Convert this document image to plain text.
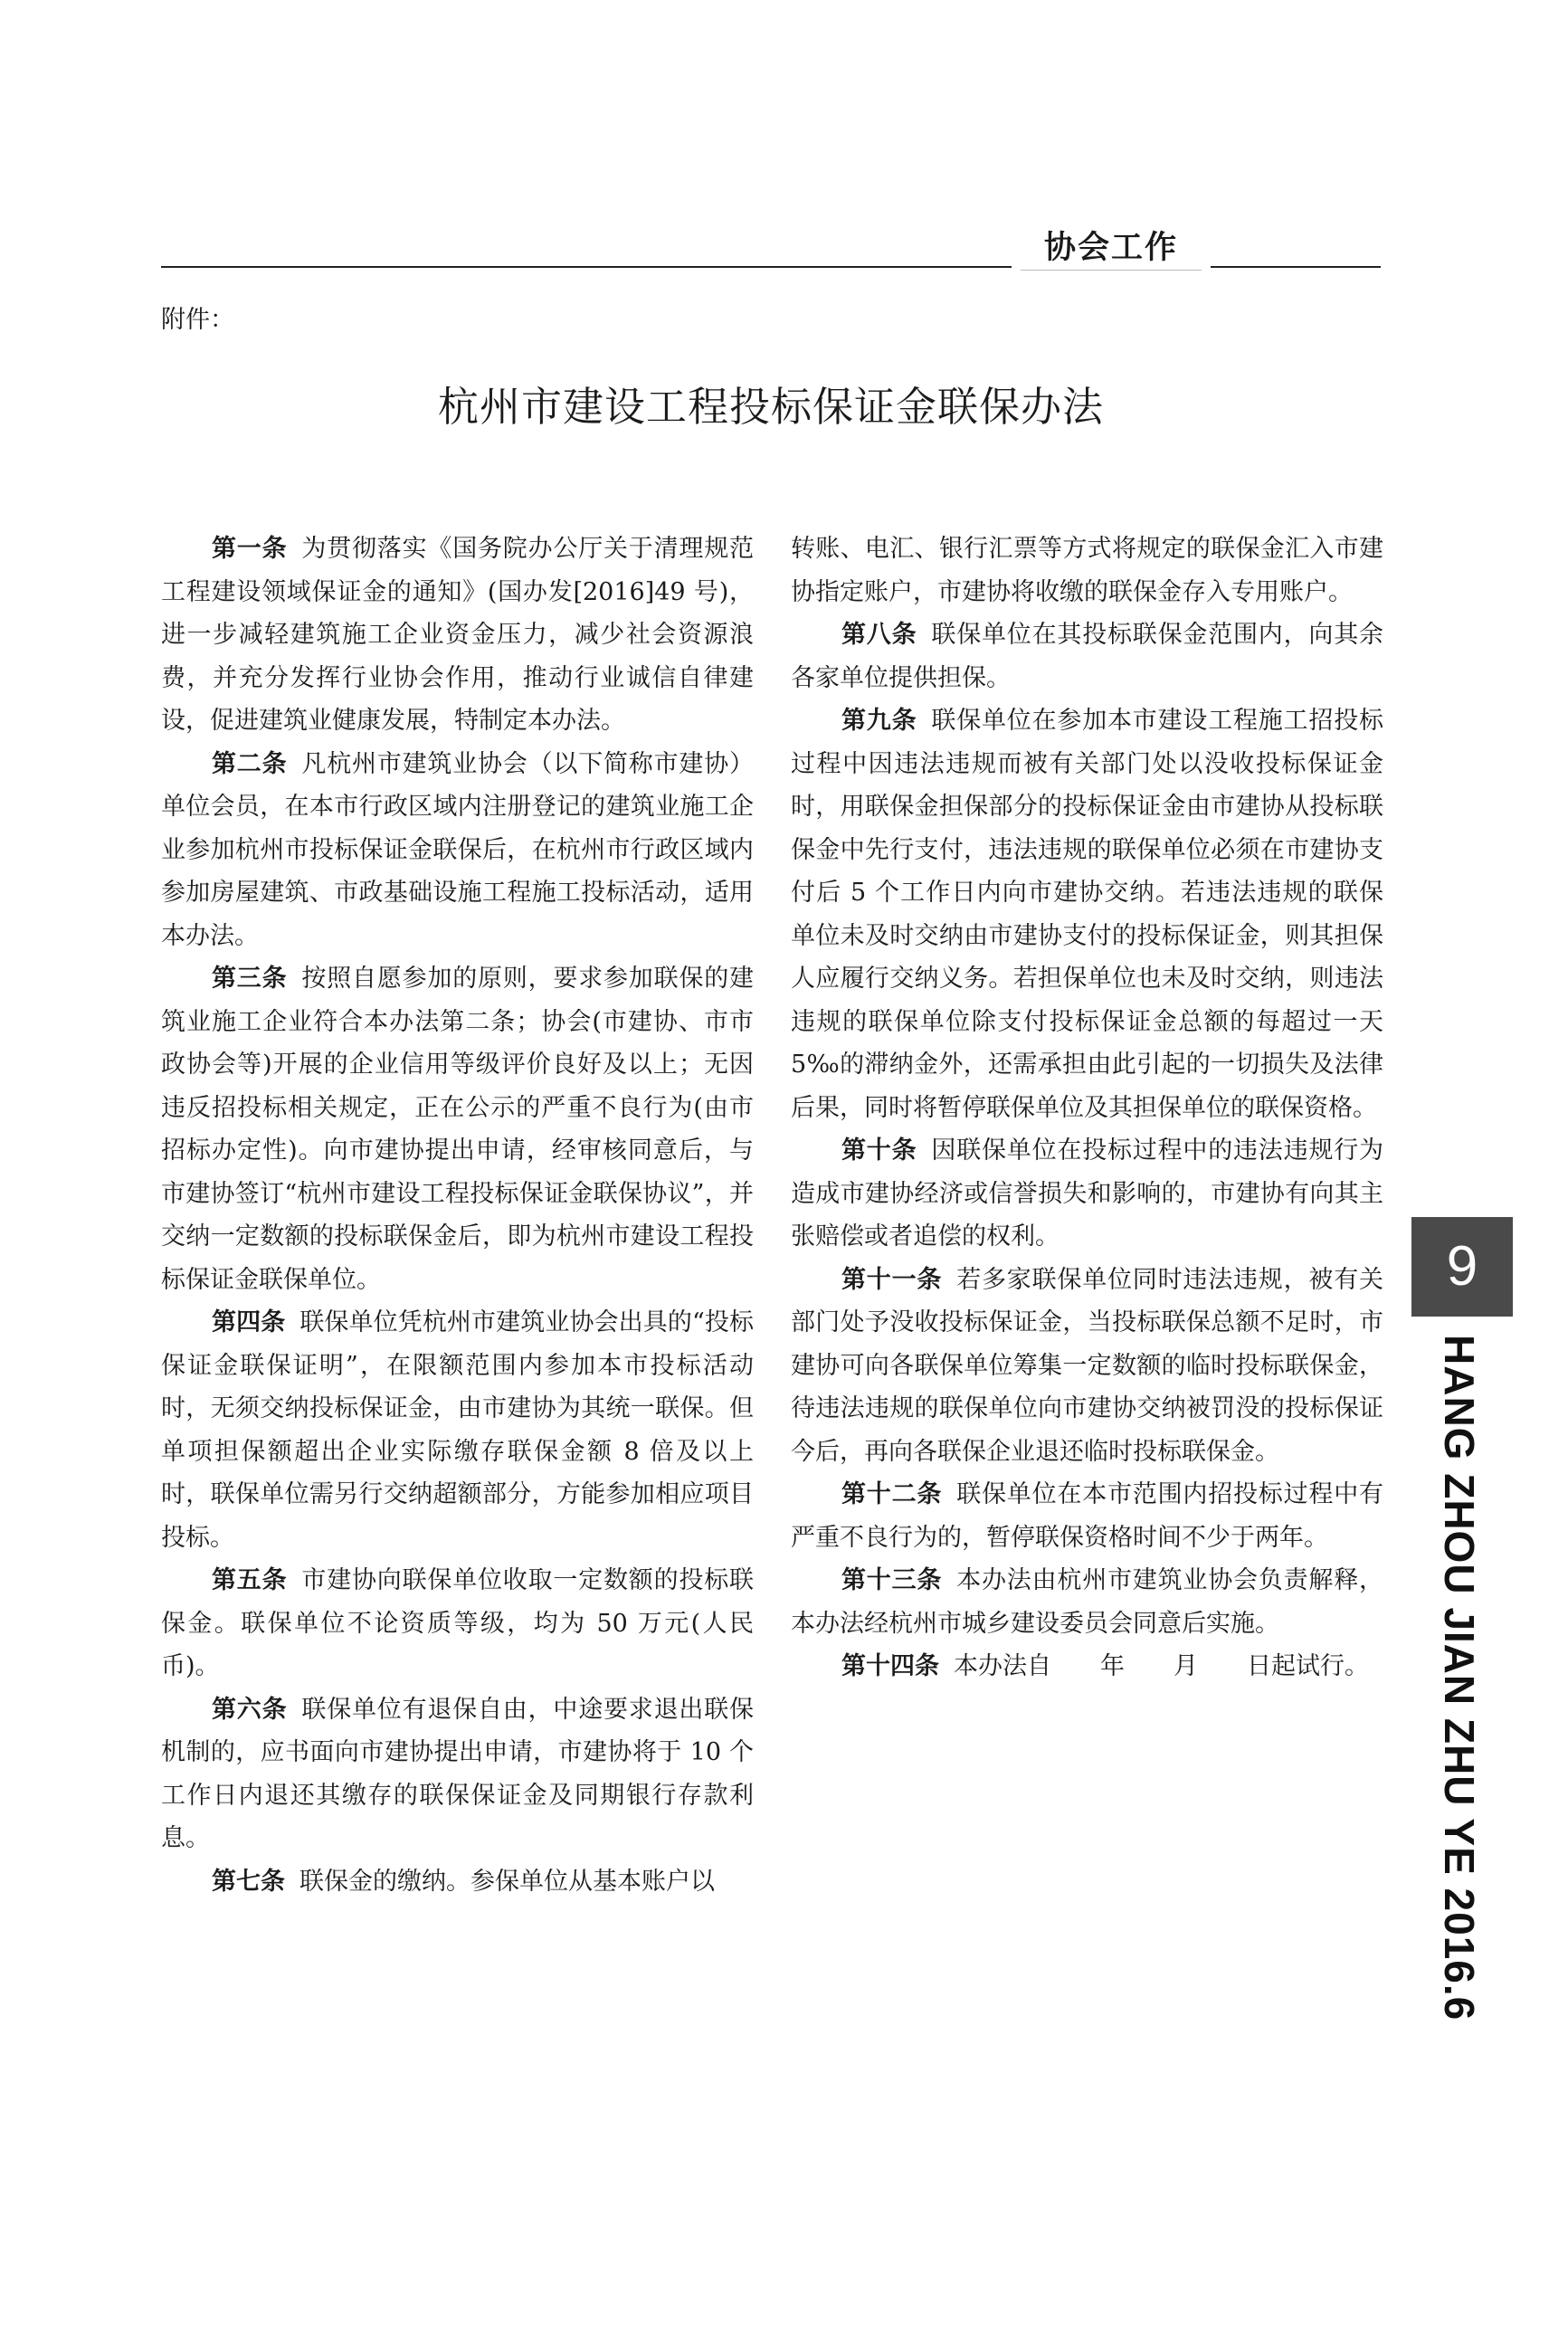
协会工作
附件：
杭州市建设工程投标保证金联保办法

第一条 为贯彻落实《国务院办公厅关于清理规范工程建设领域保证金的通知》(国办发[2016]49 号)，进一步减轻建筑施工企业资金压力，减少社会资源浪费，并充分发挥行业协会作用，推动行业诚信自律建设，促进建筑业健康发展，特制定本办法。

第二条 凡杭州市建筑业协会（以下简称市建协）单位会员，在本市行政区域内注册登记的建筑业施工企业参加杭州市投标保证金联保后，在杭州市行政区域内参加房屋建筑、市政基础设施工程施工投标活动，适用本办法。

第三条 按照自愿参加的原则，要求参加联保的建筑业施工企业符合本办法第二条；协会(市建协、市市政协会等)开展的企业信用等级评价良好及以上；无因违反招投标相关规定，正在公示的严重不良行为(由市招标办定性)。向市建协提出申请，经审核同意后，与市建协签订“杭州市建设工程投标保证金联保协议”，并交纳一定数额的投标联保金后，即为杭州市建设工程投标保证金联保单位。

第四条 联保单位凭杭州市建筑业协会出具的“投标保证金联保证明”，在限额范围内参加本市投标活动时，无须交纳投标保证金，由市建协为其统一联保。但单项担保额超出企业实际缴存联保金额 8 倍及以上时，联保单位需另行交纳超额部分，方能参加相应项目投标。

第五条 市建协向联保单位收取一定数额的投标联保金。联保单位不论资质等级，均为 50 万元(人民币)。

第六条 联保单位有退保自由，中途要求退出联保机制的，应书面向市建协提出申请，市建协将于 10 个工作日内退还其缴存的联保保证金及同期银行存款利息。

第七条 联保金的缴纳。参保单位从基本账户以

转账、电汇、银行汇票等方式将规定的联保金汇入市建协指定账户，市建协将收缴的联保金存入专用账户。

第八条 联保单位在其投标联保金范围内，向其余各家单位提供担保。

第九条 联保单位在参加本市建设工程施工招投标过程中因违法违规而被有关部门处以没收投标保证金时，用联保金担保部分的投标保证金由市建协从投标联保金中先行支付，违法违规的联保单位必须在市建协支付后 5 个工作日内向市建协交纳。若违法违规的联保单位未及时交纳由市建协支付的投标保证金，则其担保人应履行交纳义务。若担保单位也未及时交纳，则违法违规的联保单位除支付投标保证金总额的每超过一天 5‰的滞纳金外，还需承担由此引起的一切损失及法律后果，同时将暂停联保单位及其担保单位的联保资格。

第十条 因联保单位在投标过程中的违法违规行为造成市建协经济或信誉损失和影响的，市建协有向其主张赔偿或者追偿的权利。

第十一条 若多家联保单位同时违法违规，被有关部门处予没收投标保证金，当投标联保总额不足时，市建协可向各联保单位筹集一定数额的临时投标联保金，待违法违规的联保单位向市建协交纳被罚没的投标保证今后，再向各联保企业退还临时投标联保金。

第十二条 联保单位在本市范围内招投标过程中有严重不良行为的，暂停联保资格时间不少于两年。

第十三条 本办法由杭州市建筑业协会负责解释，本办法经杭州市城乡建设委员会同意后实施。

第十四条 本办法自　　年　　月　　日起试行。

9
HANG ZHOU JIAN ZHU YE 2016.6
